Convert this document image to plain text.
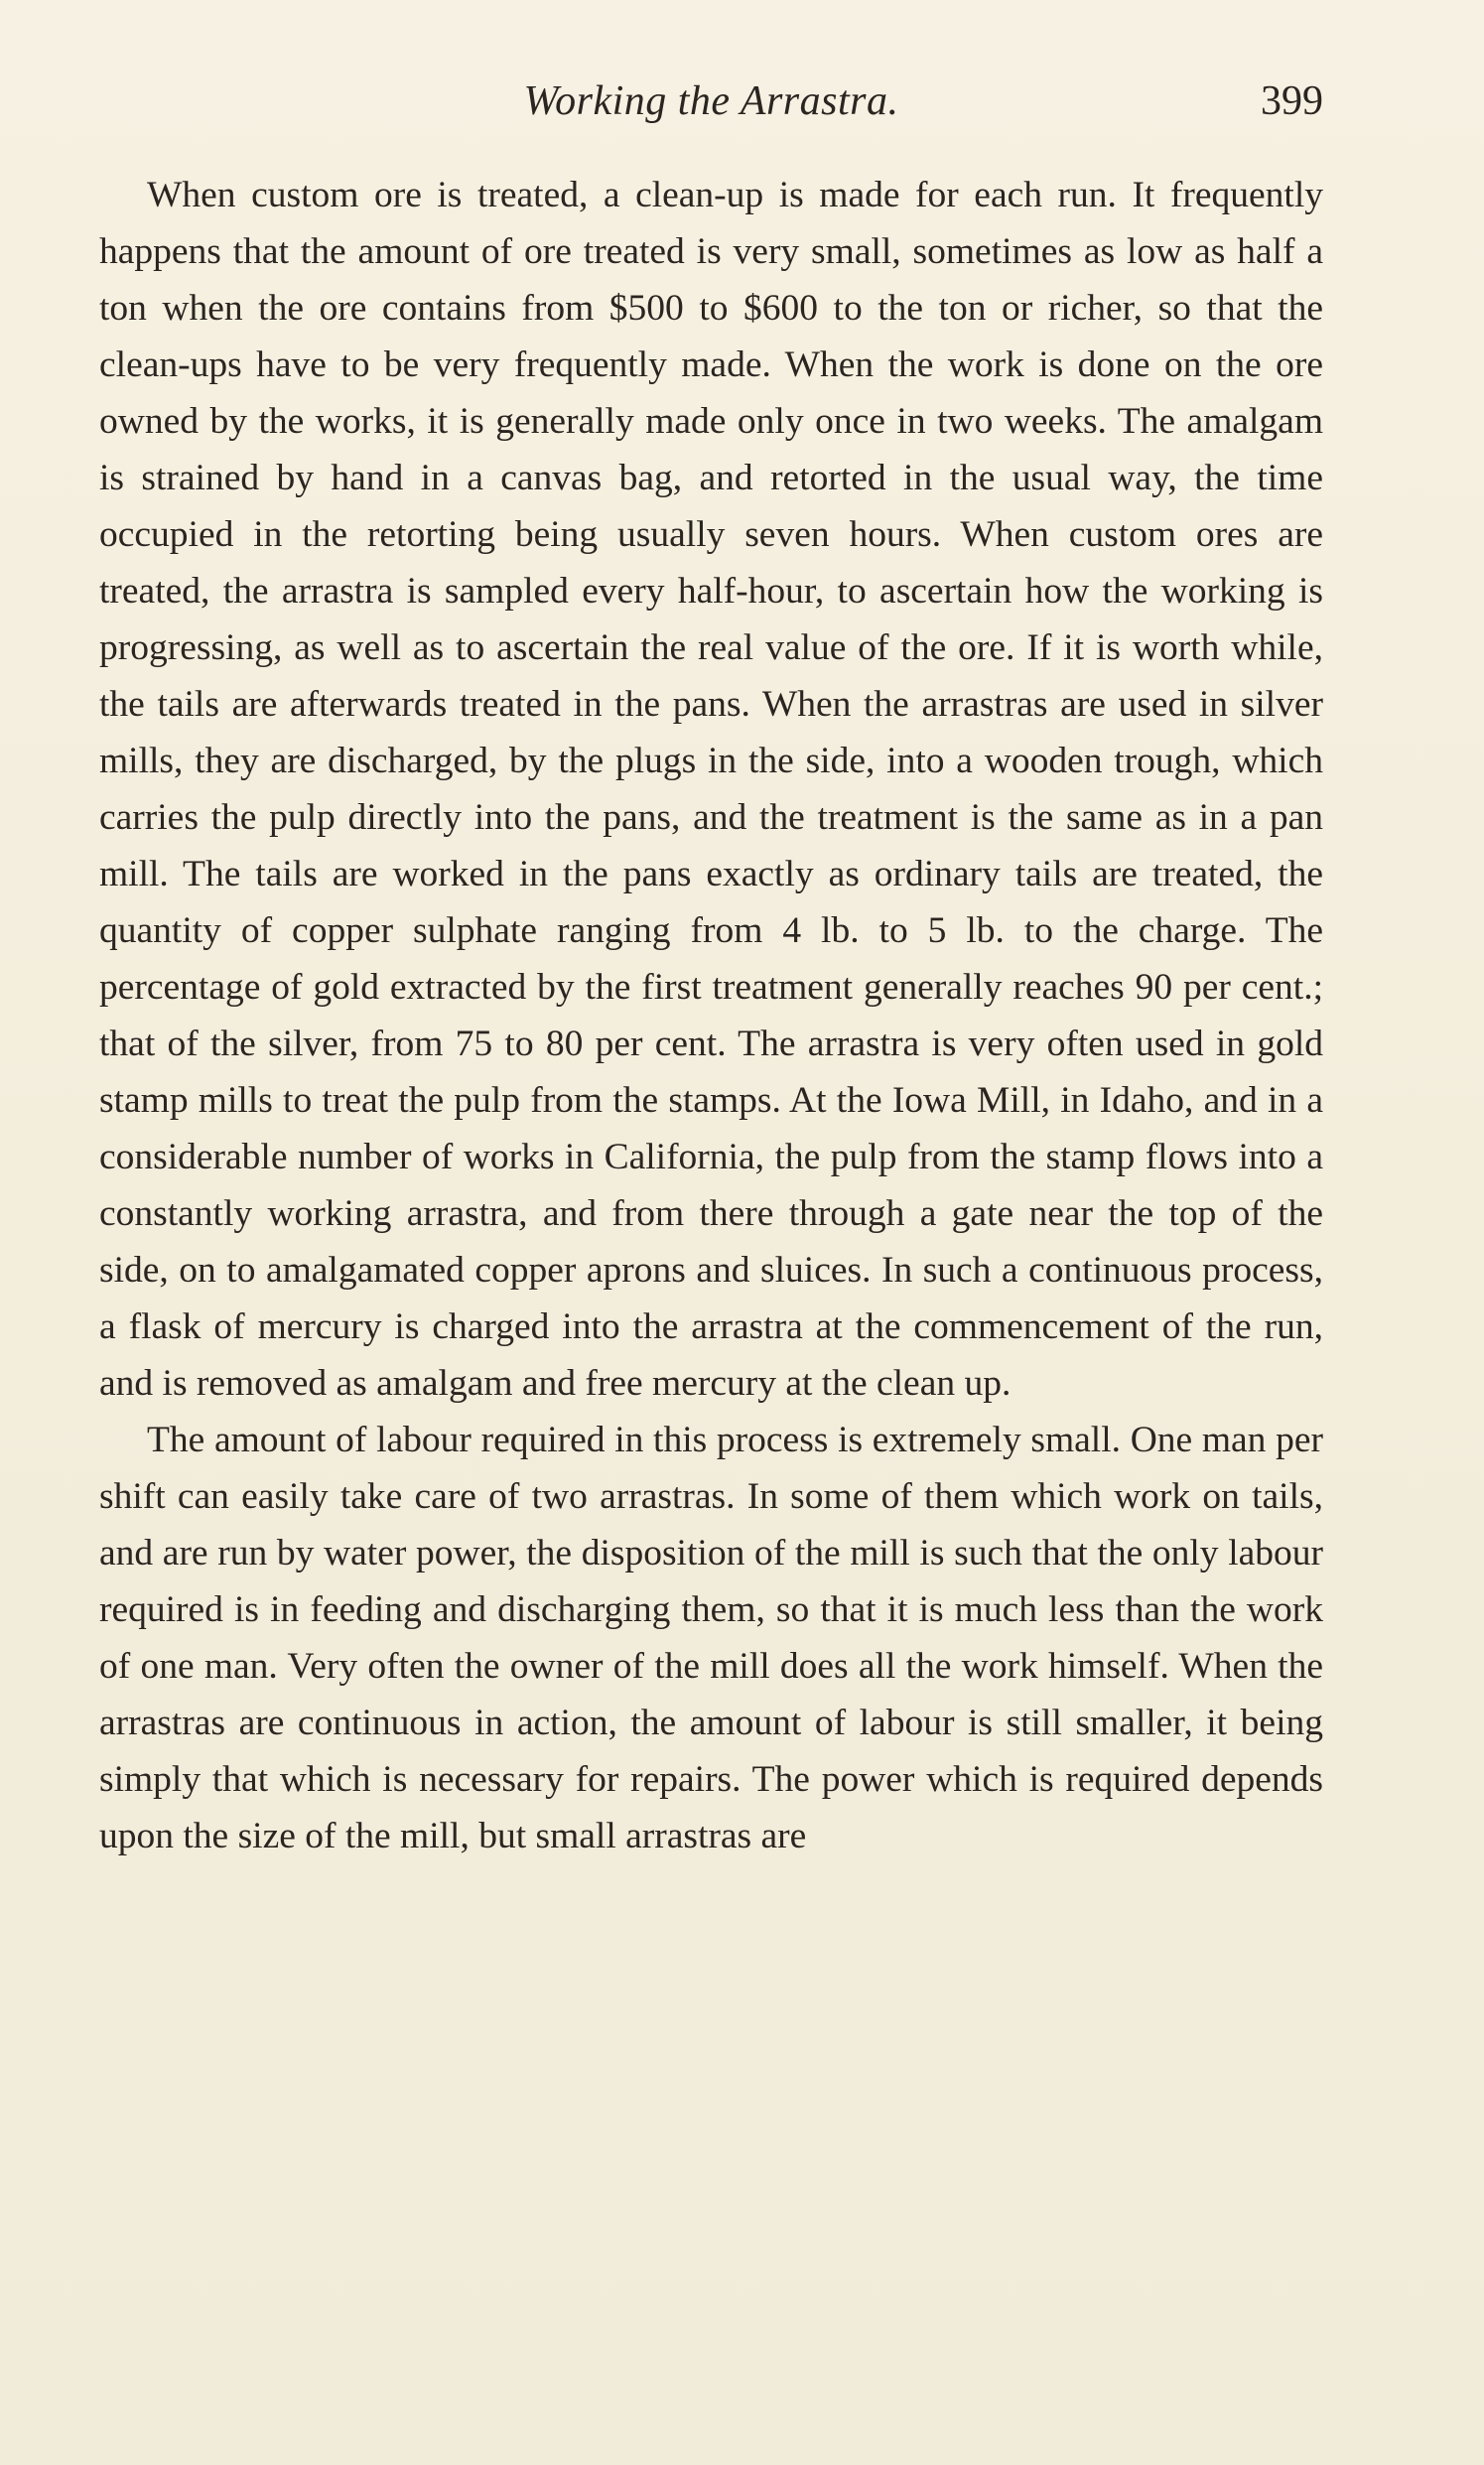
Working the Arrastra.	399

When custom ore is treated, a clean-up is made for each run. It frequently happens that the amount of ore treated is very small, sometimes as low as half a ton when the ore contains from $500 to $600 to the ton or richer, so that the clean-ups have to be very frequently made. When the work is done on the ore owned by the works, it is generally made only once in two weeks. The amalgam is strained by hand in a canvas bag, and retorted in the usual way, the time occupied in the retorting being usually seven hours. When custom ores are treated, the arrastra is sampled every half-hour, to ascertain how the working is progressing, as well as to ascertain the real value of the ore. If it is worth while, the tails are afterwards treated in the pans. When the arrastras are used in silver mills, they are discharged, by the plugs in the side, into a wooden trough, which carries the pulp directly into the pans, and the treatment is the same as in a pan mill. The tails are worked in the pans exactly as ordinary tails are treated, the quantity of copper sulphate ranging from 4 lb. to 5 lb. to the charge. The percentage of gold extracted by the first treatment generally reaches 90 per cent.; that of the silver, from 75 to 80 per cent. The arrastra is very often used in gold stamp mills to treat the pulp from the stamps. At the Iowa Mill, in Idaho, and in a considerable number of works in California, the pulp from the stamp flows into a constantly working arrastra, and from there through a gate near the top of the side, on to amalgamated copper aprons and sluices. In such a continuous process, a flask of mercury is charged into the arrastra at the commencement of the run, and is removed as amalgam and free mercury at the clean up.

The amount of labour required in this process is extremely small. One man per shift can easily take care of two arrastras. In some of them which work on tails, and are run by water power, the disposition of the mill is such that the only labour required is in feeding and discharging them, so that it is much less than the work of one man. Very often the owner of the mill does all the work himself. When the arrastras are continuous in action, the amount of labour is still smaller, it being simply that which is necessary for repairs. The power which is required depends upon the size of the mill, but small arrastras are
